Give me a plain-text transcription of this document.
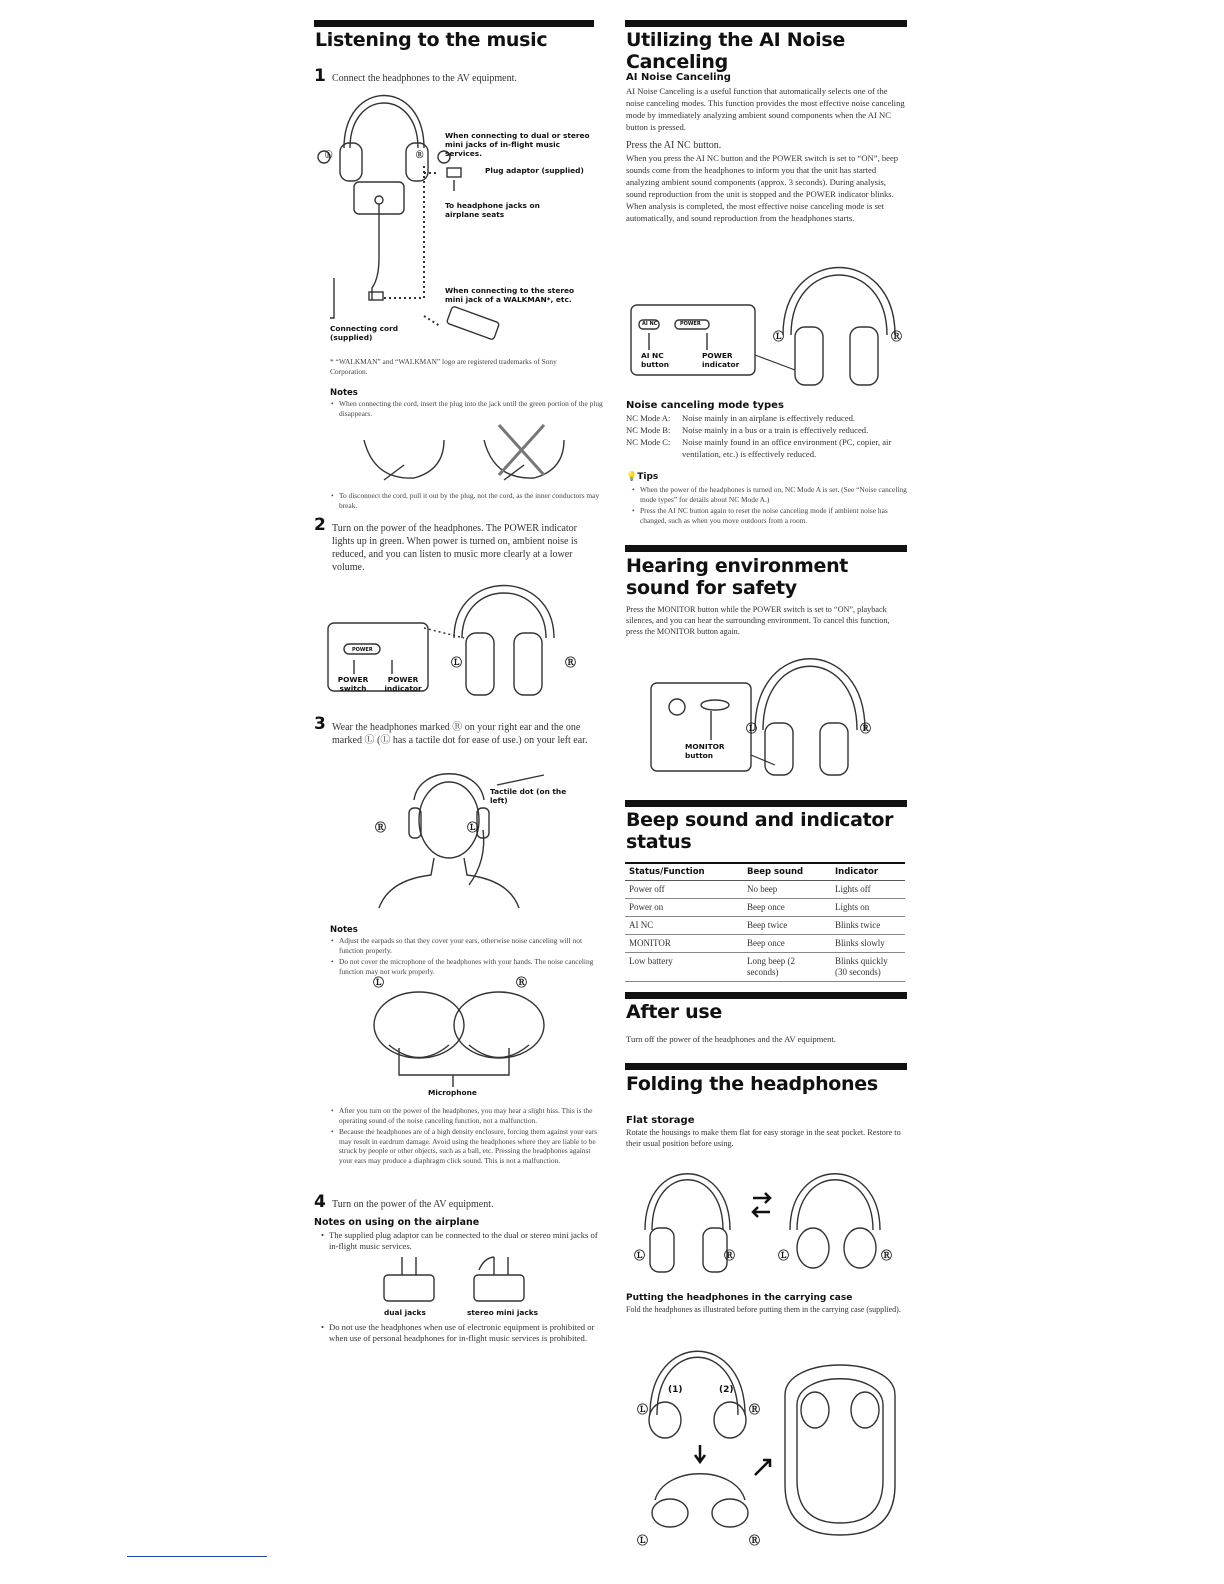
Listening to the music
1 Connect the headphones to the AV equipment.
Ⓛ	Ⓡ
When connecting to dual or stereo mini jacks of in-flight music services.
Plug adaptor (supplied)
To headphone jacks on airplane seats
When connecting to the stereo mini jack of a WALKMAN*, etc.
Connecting cord (supplied)
* “WALKMAN” and “WALKMAN” logo are registered trademarks of Sony Corporation.
Notes
• When connecting the cord, insert the plug into the jack until the green portion of the plug disappears.
• To disconnect the cord, pull it out by the plug, not the cord, as the inner conductors may break.
2 Turn on the power of the headphones. The POWER indicator lights up in green. When power is turned on, ambient noise is reduced, and you can listen to music more clearly at a lower volume.
POWER
POWER switch
POWER indicator
Ⓛ	Ⓡ
3 Wear the headphones marked Ⓡ on your right ear and the one marked Ⓛ (Ⓛ has a tactile dot for ease of use.) on your left ear.
Tactile dot (on the left)
Ⓡ	Ⓛ
Notes
• Adjust the earpads so that they cover your ears, otherwise noise canceling will not function properly.
• Do not cover the microphone of the headphones with your hands. The noise canceling function may not work properly.
Ⓛ	Ⓡ
Microphone
• After you turn on the power of the headphones, you may hear a slight hiss. This is the operating sound of the noise canceling function, not a malfunction.
• Because the headphones are of a high density enclosure, forcing them against your ears may result in eardrum damage. Avoid using the headphones where they are liable to be struck by people or other objects, such as a ball, etc. Pressing the headphones against your ears may produce a diaphragm click sound. This is not a malfunction.
4 Turn on the power of the AV equipment.
Notes on using on the airplane
• The supplied plug adaptor can be connected to the dual or stereo mini jacks of in-flight music services.
dual jacks	stereo mini jacks
• Do not use the headphones when use of electronic equipment is prohibited or when use of personal headphones for in-flight music services is prohibited.
Utilizing the AI Noise Canceling
AI Noise Canceling
AI Noise Canceling is a useful function that automatically selects one of the noise canceling modes. This function provides the most effective noise canceling mode by immediately analyzing ambient sound components when the AI NC button is pressed.
Press the AI NC button.
When you press the AI NC button and the POWER switch is set to “ON”, beep sounds come from the headphones to inform you that the unit has started analyzing ambient sound components (approx. 3 seconds). During analysis, sound reproduction from the unit is stopped and the POWER indicator blinks. When analysis is completed, the most effective noise canceling mode is set automatically, and sound reproduction from the headphones starts.
AI NC	POWER
AI NC button
POWER indicator
Ⓛ	Ⓡ
Noise canceling mode types
NC Mode A:	Noise mainly in an airplane is effectively reduced.
NC Mode B:	Noise mainly in a bus or a train is effectively reduced.
NC Mode C:	Noise mainly found in an office environment (PC, copier, air ventilation, etc.) is effectively reduced.
💡Tips
• When the power of the headphones is turned on, NC Mode A is set. (See “Noise canceling mode types” for details about NC Mode A.)
• Press the AI NC button again to reset the noise canceling mode if ambient noise has changed, such as when you move outdoors from a room.
Hearing environment sound for safety
Press the MONITOR button while the POWER switch is set to “ON”, playback silences, and you can hear the surrounding environment. To cancel this function, press the MONITOR button again.
MONITOR button
Ⓛ	Ⓡ
Beep sound and indicator status
Status/Function	Beep sound	Indicator
Power off	No beep	Lights off
Power on	Beep once	Lights on
AI NC	Beep twice	Blinks twice
MONITOR	Beep once	Blinks slowly
Low battery	Long beep (2 seconds)	Blinks quickly (30 seconds)
After use
Turn off the power of the headphones and the AV equipment.
Folding the headphones
Flat storage
Rotate the housings to make them flat for easy storage in the seat pocket. Restore to their usual position before using.
Ⓛ	Ⓡ	Ⓛ	Ⓡ
Putting the headphones in the carrying case
Fold the headphones as illustrated before putting them in the carrying case (supplied).
(1)	(2)
Ⓛ	Ⓡ
Ⓛ	Ⓡ
